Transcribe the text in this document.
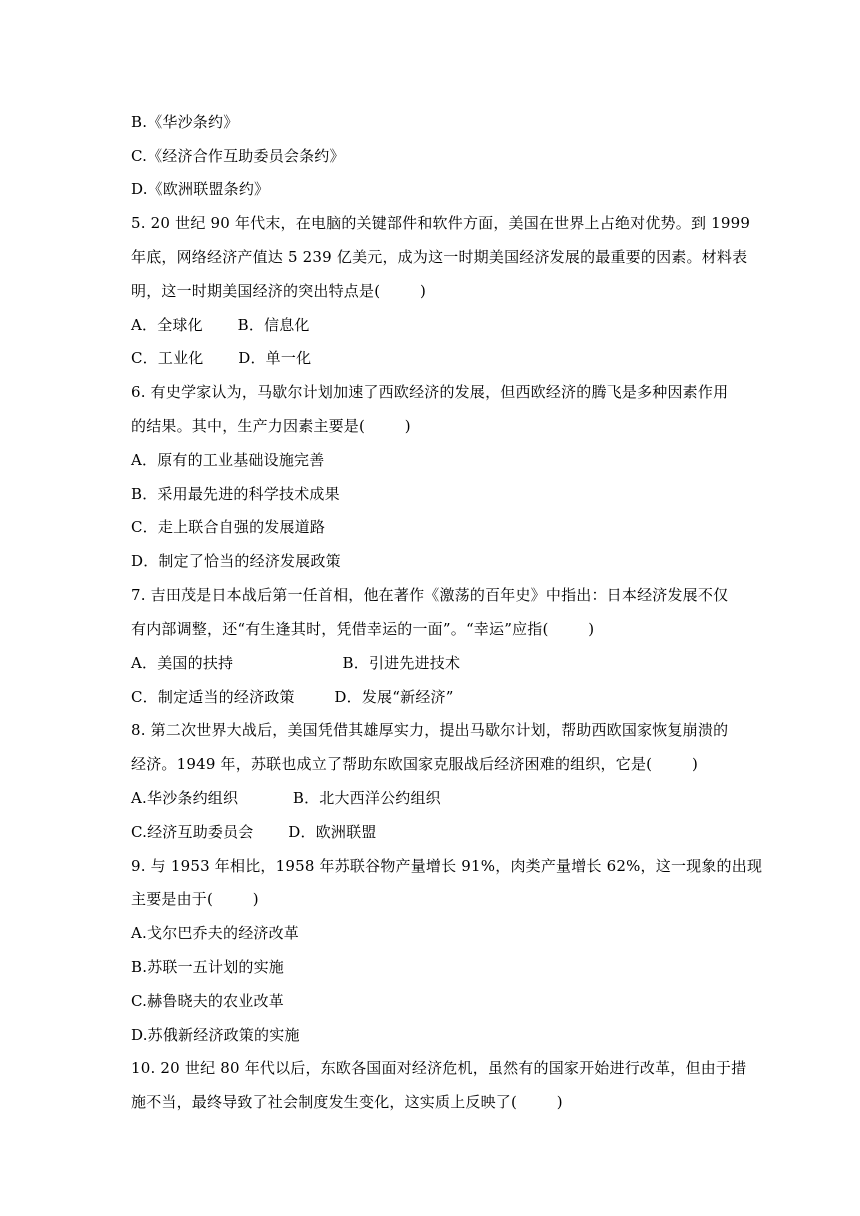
B.《华沙条约》
C.《经济合作互助委员会条约》
D.《欧洲联盟条约》
5. 20 世纪 90 年代末，在电脑的关键部件和软件方面，美国在世界上占绝对优势。到 1999
年底，网络经济产值达 5 239 亿美元，成为这一时期美国经济发展的最重要的因素。材料表
明，这一时期美国经济的突出特点是(        )
A．全球化       B．信息化
C．工业化       D．单一化
6. 有史学家认为，马歇尔计划加速了西欧经济的发展，但西欧经济的腾飞是多种因素作用
的结果。其中，生产力因素主要是(        )
A．原有的工业基础设施完善
B．采用最先进的科学技术成果
C．走上联合自强的发展道路
D．制定了恰当的经济发展政策
7. 吉田茂是日本战后第一任首相，他在著作《激荡的百年史》中指出：日本经济发展不仅
有内部调整，还“有生逢其时，凭借幸运的一面”。“幸运”应指(        )
A．美国的扶持                      B．引进先进技术
C．制定适当的经济政策        D．发展“新经济”
8. 第二次世界大战后，美国凭借其雄厚实力，提出马歇尔计划，帮助西欧国家恢复崩溃的
经济。1949 年，苏联也成立了帮助东欧国家克服战后经济困难的组织，它是(        )
A.华沙条约组织           B．北大西洋公约组织
C.经济互助委员会       D．欧洲联盟
9. 与 1953 年相比，1958 年苏联谷物产量增长 91%，肉类产量增长 62%，这一现象的出现
主要是由于(        )
A.戈尔巴乔夫的经济改革
B.苏联一五计划的实施
C.赫鲁晓夫的农业改革
D.苏俄新经济政策的实施
10. 20 世纪 80 年代以后，东欧各国面对经济危机，虽然有的国家开始进行改革，但由于措
施不当，最终导致了社会制度发生变化，这实质上反映了(        )
